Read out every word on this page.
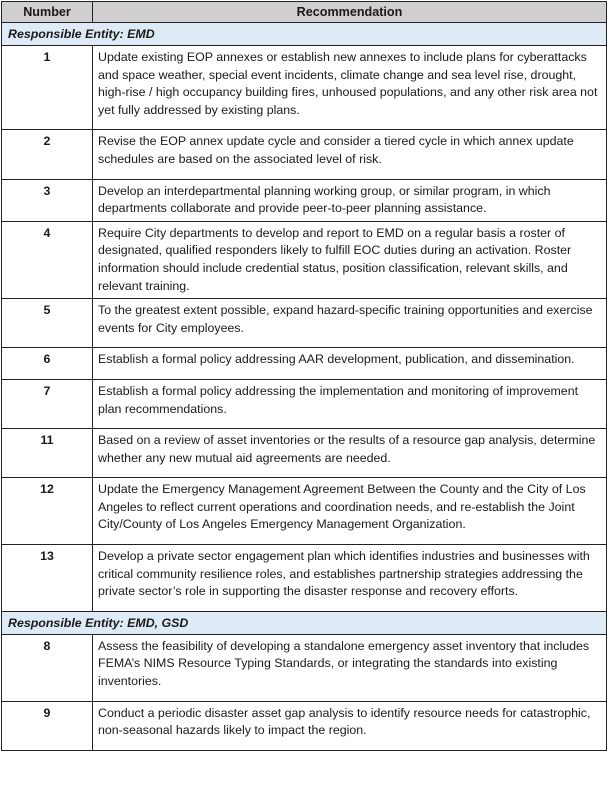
Number	Recommendation
Responsible Entity: EMD	
1	Update existing EOP annexes or establish new annexes to include plans for cyberattacks and space weather, special event incidents, climate change and sea level rise, drought, high-rise / high occupancy building fires, unhoused populations, and any other risk area not yet fully addressed by existing plans.
2	Revise the EOP annex update cycle and consider a tiered cycle in which annex update schedules are based on the associated level of risk.
3	Develop an interdepartmental planning working group, or similar program, in which departments collaborate and provide peer-to-peer planning assistance.
4	Require City departments to develop and report to EMD on a regular basis a roster of designated, qualified responders likely to fulfill EOC duties during an activation. Roster information should include credential status, position classification, relevant skills, and relevant training.
5	To the greatest extent possible, expand hazard-specific training opportunities and exercise events for City employees.
6	Establish a formal policy addressing AAR development, publication, and dissemination.
7	Establish a formal policy addressing the implementation and monitoring of improvement plan recommendations.
11	Based on a review of asset inventories or the results of a resource gap analysis, determine whether any new mutual aid agreements are needed.
12	Update the Emergency Management Agreement Between the County and the City of Los Angeles to reflect current operations and coordination needs, and re-establish the Joint City/County of Los Angeles Emergency Management Organization.
13	Develop a private sector engagement plan which identifies industries and businesses with critical community resilience roles, and establishes partnership strategies addressing the private sector’s role in supporting the disaster response and recovery efforts.
Responsible Entity: EMD, GSD	
8	Assess the feasibility of developing a standalone emergency asset inventory that includes FEMA’s NIMS Resource Typing Standards, or integrating the standards into existing inventories.
9	Conduct a periodic disaster asset gap analysis to identify resource needs for catastrophic, non-seasonal hazards likely to impact the region.
